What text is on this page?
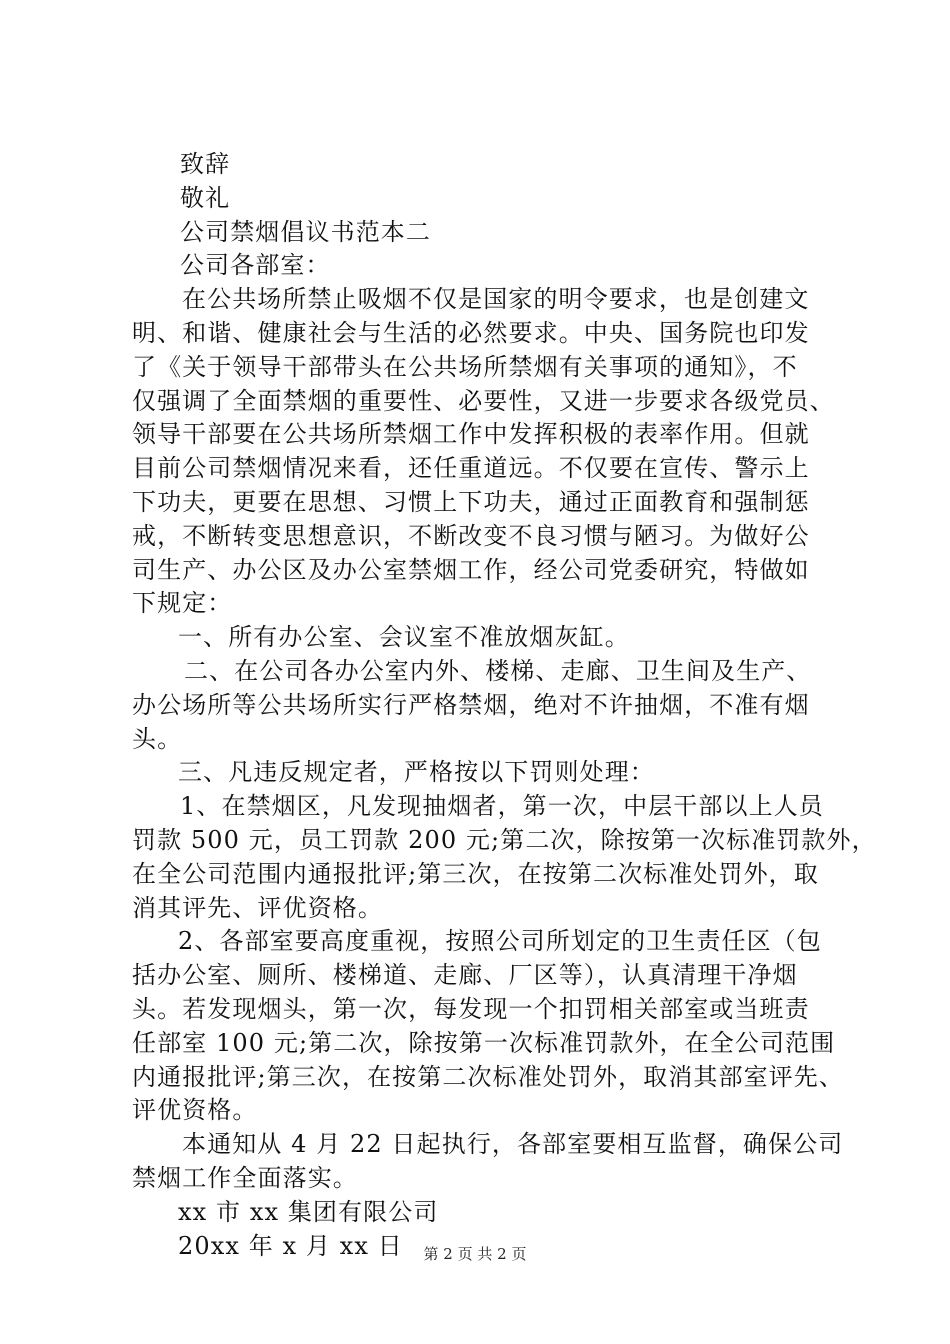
致辞
敬礼
公司禁烟倡议书范本二
公司各部室：
在公共场所禁止吸烟不仅是国家的明令要求，也是创建文
明、和谐、健康社会与生活的必然要求。中央、国务院也印发
了《关于领导干部带头在公共场所禁烟有关事项的通知》，不
仅强调了全面禁烟的重要性、必要性，又进一步要求各级党员、
领导干部要在公共场所禁烟工作中发挥积极的表率作用。但就
目前公司禁烟情况来看，还任重道远。不仅要在宣传、警示上
下功夫，更要在思想、习惯上下功夫，通过正面教育和强制惩
戒，不断转变思想意识，不断改变不良习惯与陋习。为做好公
司生产、办公区及办公室禁烟工作，经公司党委研究，特做如
下规定：
一、所有办公室、会议室不准放烟灰缸。
二、在公司各办公室内外、楼梯、走廊、卫生间及生产、
办公场所等公共场所实行严格禁烟，绝对不许抽烟，不准有烟
头。
三、凡违反规定者，严格按以下罚则处理：
1、在禁烟区，凡发现抽烟者，第一次，中层干部以上人员
罚款 500 元，员工罚款 200 元;第二次，除按第一次标准罚款外，
在全公司范围内通报批评;第三次，在按第二次标准处罚外，取
消其评先、评优资格。
2、各部室要高度重视，按照公司所划定的卫生责任区（包
括办公室、厕所、楼梯道、走廊、厂区等），认真清理干净烟
头。若发现烟头，第一次，每发现一个扣罚相关部室或当班责
任部室 100 元;第二次，除按第一次标准罚款外，在全公司范围
内通报批评;第三次，在按第二次标准处罚外，取消其部室评先、
评优资格。
本通知从 4 月 22 日起执行，各部室要相互监督，确保公司
禁烟工作全面落实。
xx 市 xx 集团有限公司
20xx 年 x 月 xx 日	第 2 页 共 2 页
